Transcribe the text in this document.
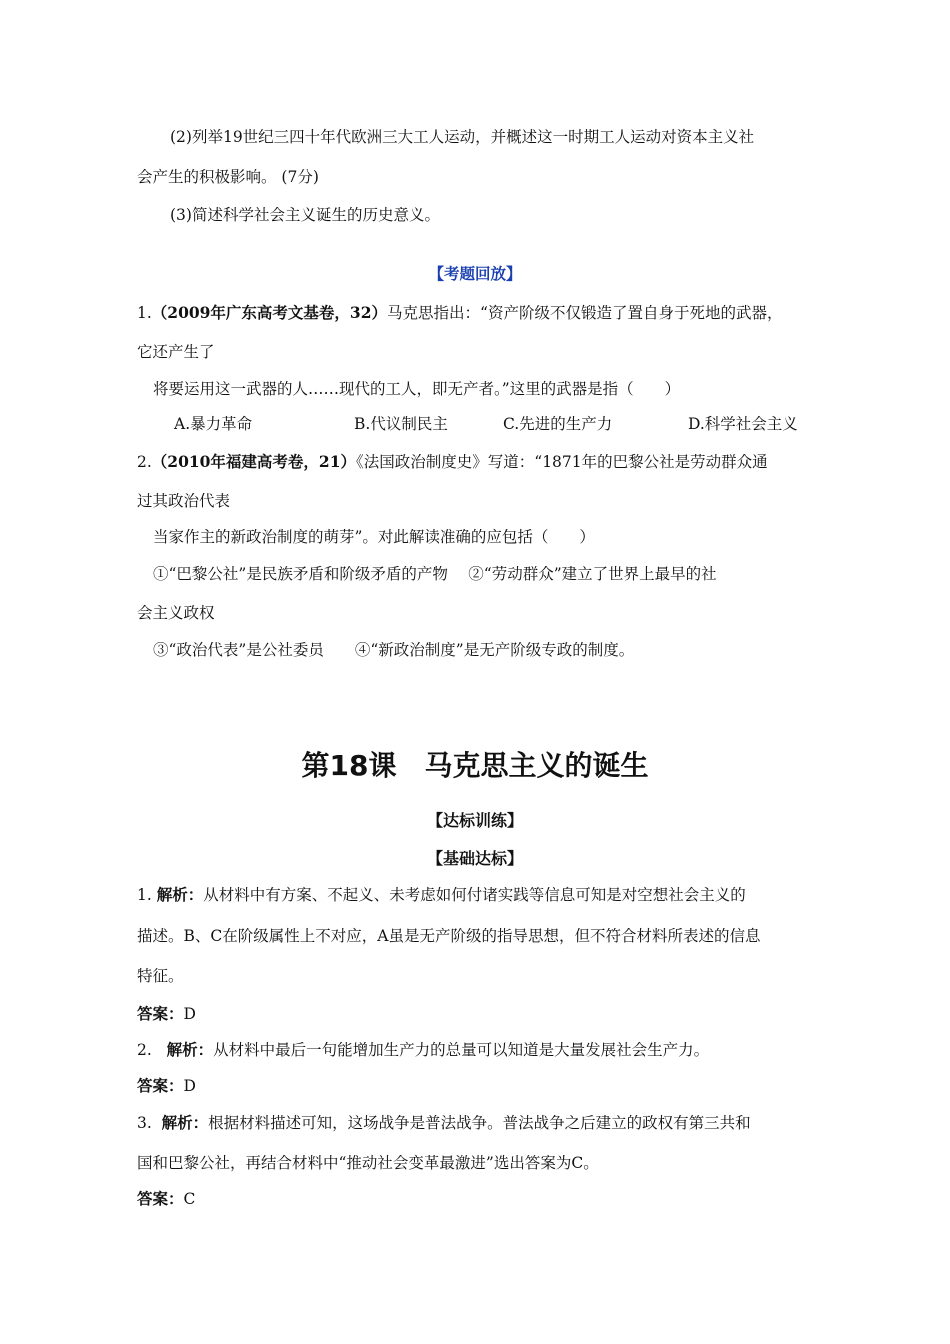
(2)列举19世纪三四十年代欧洲三大工人运动，并概述这一时期工人运动对资本主义社
会产生的积极影响。 (7分)
(3)简述科学社会主义诞生的历史意义。
【考题回放】
1.（2009年广东高考文基卷，32）马克思指出：“资产阶级不仅锻造了置自身于死地的武器，
它还产生了
将要运用这一武器的人……现代的工人，即无产者。”这里的武器是指（　　）
A.暴力革命	B.代议制民主	C.先进的生产力	D.科学社会主义
2.（2010年福建高考卷，21）《法国政治制度史》写道：“1871年的巴黎公社是劳动群众通
过其政治代表
当家作主的新政治制度的萌芽”。对此解读准确的应包括（　　）
①“巴黎公社”是民族矛盾和阶级矛盾的产物　 ②“劳动群众”建立了世界上最早的社
会主义政权
③“政治代表”是公社委员　　④“新政治制度”是无产阶级专政的制度。
第18课　马克思主义的诞生
【达标训练】
【基础达标】
1. 解析：从材料中有方案、不起义、未考虑如何付诸实践等信息可知是对空想社会主义的
描述。B、C在阶级属性上不对应，A虽是无产阶级的指导思想，但不符合材料所表述的信息
特征。
答案：D
2. 解析：从材料中最后一句能增加生产力的总量可以知道是大量发展社会生产力。
答案：D
3. 解析：根据材料描述可知，这场战争是普法战争。普法战争之后建立的政权有第三共和
国和巴黎公社，再结合材料中“推动社会变革最激进”选出答案为C。
答案：C
